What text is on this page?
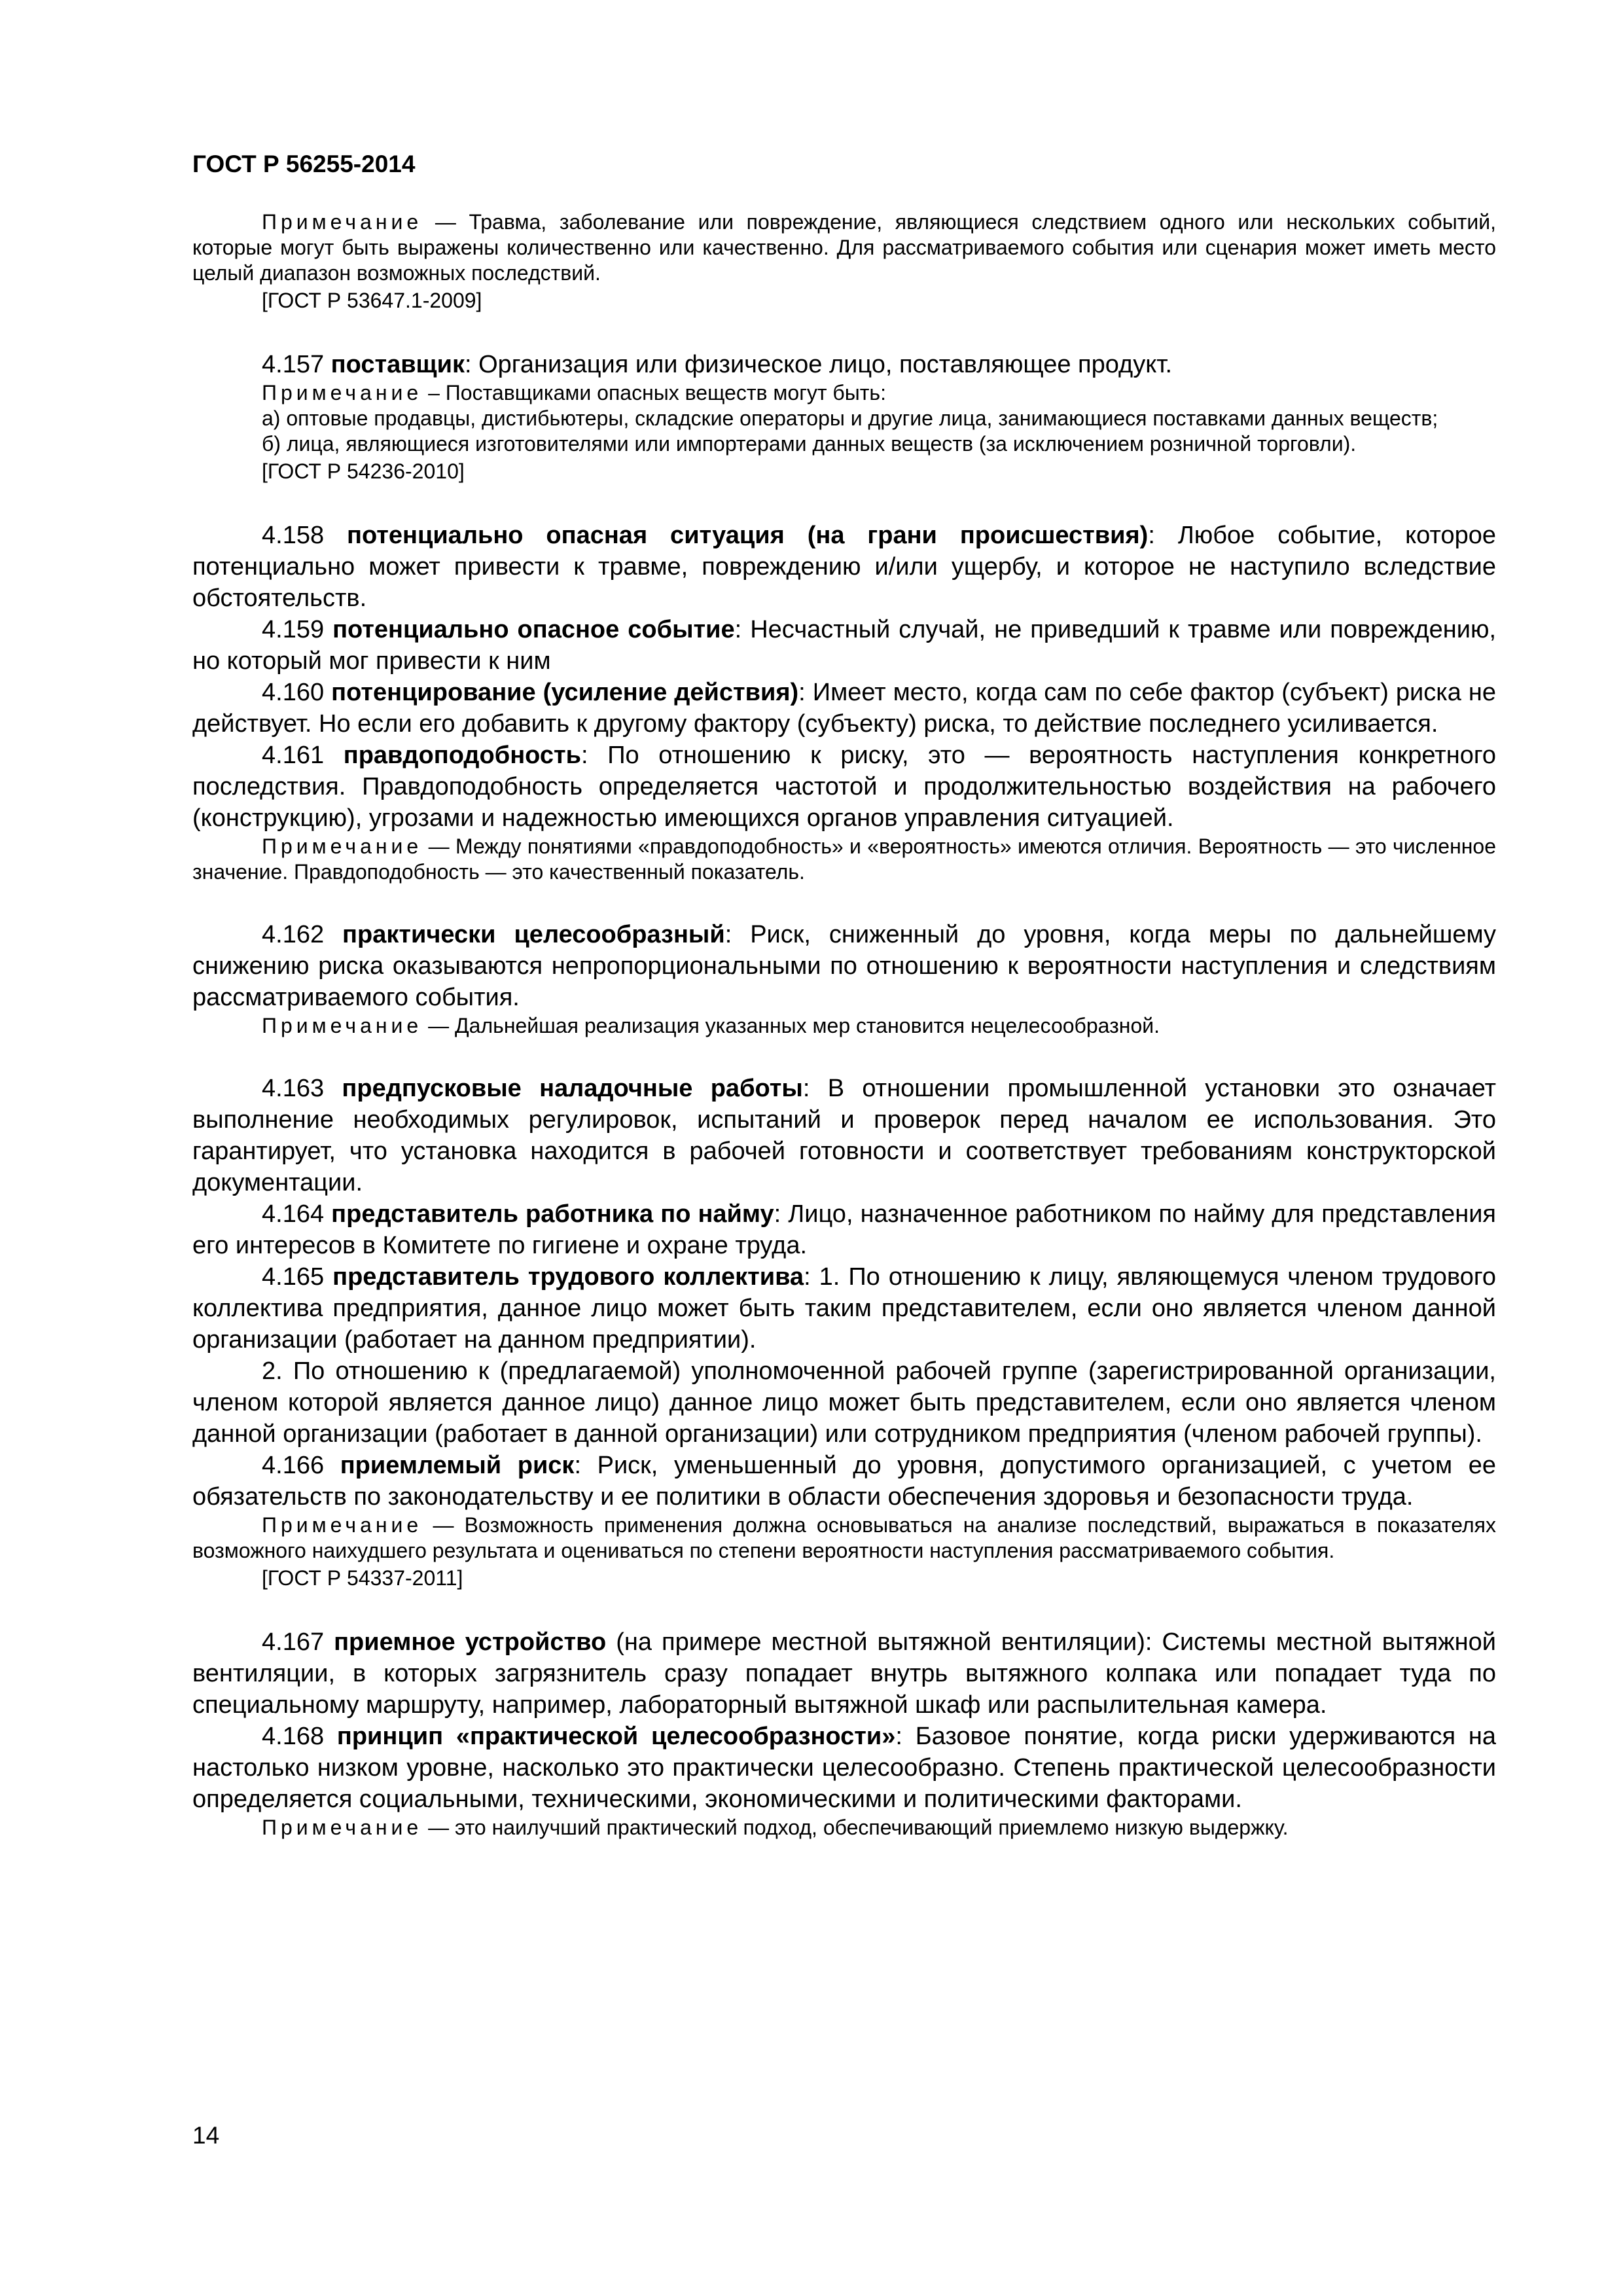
ГОСТ Р 56255-2014

Примечание — Травма, заболевание или повреждение, являющиеся следствием одного или нескольких событий, которые могут быть выражены количественно или качественно. Для рассматриваемого события или сценария может иметь место целый диапазон возможных последствий.

[ГОСТ Р 53647.1-2009]

4.157 поставщик: Организация или физическое лицо, поставляющее продукт.

Примечание – Поставщиками опасных веществ могут быть:

а) оптовые продавцы, дистибьютеры, складские операторы и другие лица, занимающиеся поставками данных веществ;

б) лица, являющиеся изготовителями или импортерами данных веществ (за исключением розничной торговли).

[ГОСТ Р 54236-2010]

4.158 потенциально опасная ситуация (на грани происшествия): Любое событие, которое потенциально может привести к травме, повреждению и/или ущербу, и которое не наступило вследствие обстоятельств.

4.159 потенциально опасное событие: Несчастный случай, не приведший к травме или повреждению, но который мог привести к ним

4.160 потенцирование (усиление действия): Имеет место, когда сам по себе фактор (субъект) риска не действует. Но если его добавить к другому фактору (субъекту) риска, то действие последнего усиливается.

4.161 правдоподобность: По отношению к риску, это — вероятность наступления конкретного последствия. Правдоподобность определяется частотой и продолжительностью воздействия на рабочего (конструкцию), угрозами и надежностью имеющихся органов управления ситуацией.

Примечание — Между понятиями «правдоподобность» и «вероятность» имеются отличия. Вероятность — это численное значение. Правдоподобность — это качественный показатель.

4.162 практически целесообразный: Риск, сниженный до уровня, когда меры по дальнейшему снижению риска оказываются непропорциональными по отношению к вероятности наступления и следствиям рассматриваемого события.

Примечание — Дальнейшая реализация указанных мер становится нецелесообразной.

4.163 предпусковые наладочные работы: В отношении промышленной установки это означает выполнение необходимых регулировок, испытаний и проверок перед началом ее использования. Это гарантирует, что установка находится в рабочей готовности и соответствует требованиям конструкторской документации.

4.164 представитель работника по найму: Лицо, назначенное работником по найму для представления его интересов в Комитете по гигиене и охране труда.

4.165 представитель трудового коллектива: 1. По отношению к лицу, являющемуся членом трудового коллектива предприятия, данное лицо может быть таким представителем, если оно является членом данной организации (работает на данном предприятии).

2. По отношению к (предлагаемой) уполномоченной рабочей группе (зарегистрированной организации, членом которой является данное лицо) данное лицо может быть представителем, если оно является членом данной организации (работает в данной организации) или сотрудником предприятия (членом рабочей группы).

4.166 приемлемый риск: Риск, уменьшенный до уровня, допустимого организацией, с учетом ее обязательств по законодательству и ее политики в области обеспечения здоровья и безопасности труда.

Примечание — Возможность применения должна основываться на анализе последствий, выражаться в показателях возможного наихудшего результата и оцениваться по степени вероятности наступления рассматриваемого события.

[ГОСТ Р 54337-2011]

4.167 приемное устройство (на примере местной вытяжной вентиляции): Системы местной вытяжной вентиляции, в которых загрязнитель сразу попадает внутрь вытяжного колпака или попадает туда по специальному маршруту, например, лабораторный вытяжной шкаф или распылительная камера.

4.168 принцип «практической целесообразности»: Базовое понятие, когда риски удерживаются на настолько низком уровне, насколько это практически целесообразно. Степень практической целесообразности определяется социальными, техническими, экономическими и политическими факторами.

Примечание — это наилучший практический подход, обеспечивающий приемлемо низкую выдержку.

14
